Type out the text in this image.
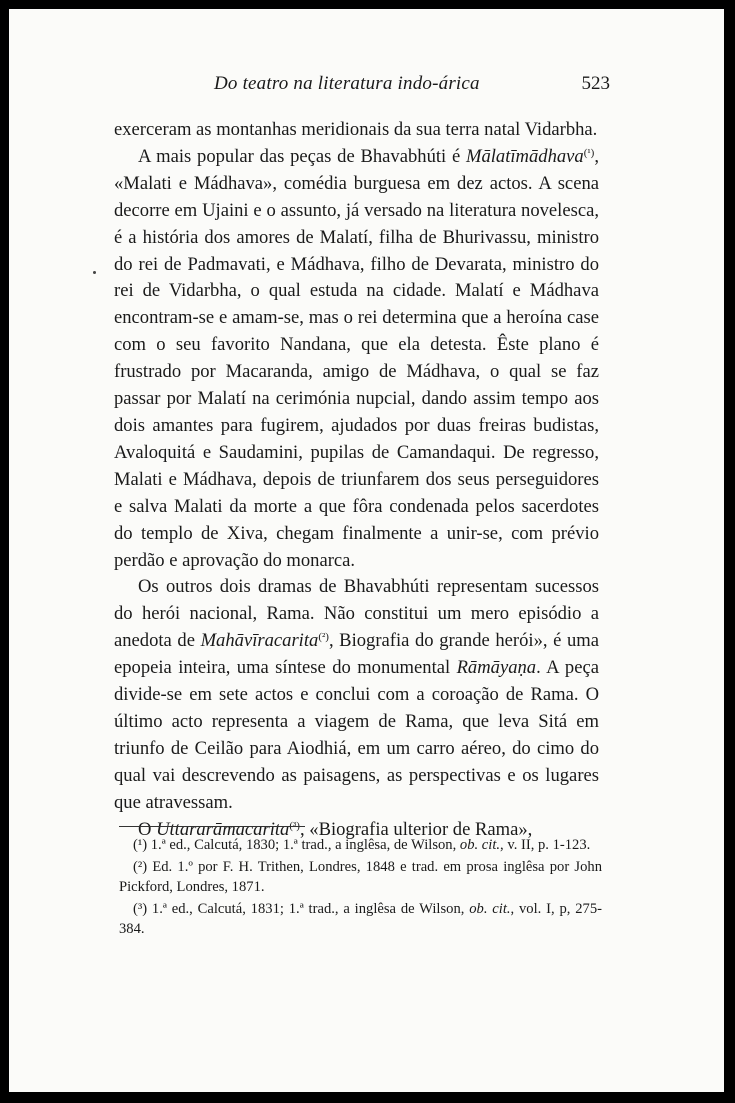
Do teatro na literatura indo-árica	523

exerceram as montanhas meridionais da sua terra natal Vidarbha.

A mais popular das peças de Bhavabhúti é Mālatīmādhava$^{(^1)}$, «Malati e Mádhava», comédia burguesa em dez actos. A scena decorre em Ujaini e o assunto, já versado na literatura novelesca, é a história dos amores de Malatí, filha de Bhurivassu, ministro do rei de Padmavati, e Mádhava, filho de Devarata, ministro do rei de Vidarbha, o qual estuda na cidade. Malatí e Mádhava encontram-se e amam-se, mas o rei determina que a heroína case com o seu favorito Nandana, que ela detesta. Êste plano é frustrado por Macaranda, amigo de Mádhava, o qual se faz passar por Malatí na cerimónia nupcial, dando assim tempo aos dois amantes para fugirem, ajudados por duas freiras budistas, Avaloquitá e Saudamini, pupilas de Camandaqui. De regresso, Malati e Mádhava, depois de triunfarem dos seus perseguidores e salva Malati da morte a que fôra condenada pelos sacerdotes do templo de Xiva, chegam finalmente a unir-se, com prévio perdão e aprovação do monarca.

Os outros dois dramas de Bhavabhúti representam sucessos do herói nacional, Rama. Não constitui um mero episódio a anedota de Mahāvīracarita$^{(^2)}$, Biografia do grande herói», é uma epopeia inteira, uma síntese do monumental Rāmāyaṇa. A peça divide-se em sete actos e conclui com a coroação de Rama. O último acto representa a viagem de Rama, que leva Sitá em triunfo de Ceilão para Aiodhiá, em um carro aéreo, do cimo do qual vai descrevendo as paisagens, as perspectivas e os lugares que atravessam.

O Uttararāmacarita$^{(^3)}$, «Biografia ulterior de Rama»,

(¹) 1.ª ed., Calcutá, 1830; 1.ª trad., a inglêsa, de Wilson, ob. cit., v. II, p. 1-123.

(²) Ed. 1.º por F. H. Trithen, Londres, 1848 e trad. em prosa inglêsa por John Pickford, Londres, 1871.

(³) 1.ª ed., Calcutá, 1831; 1.ª trad., a inglêsa de Wilson, ob. cit., vol. I, p, 275-384.
